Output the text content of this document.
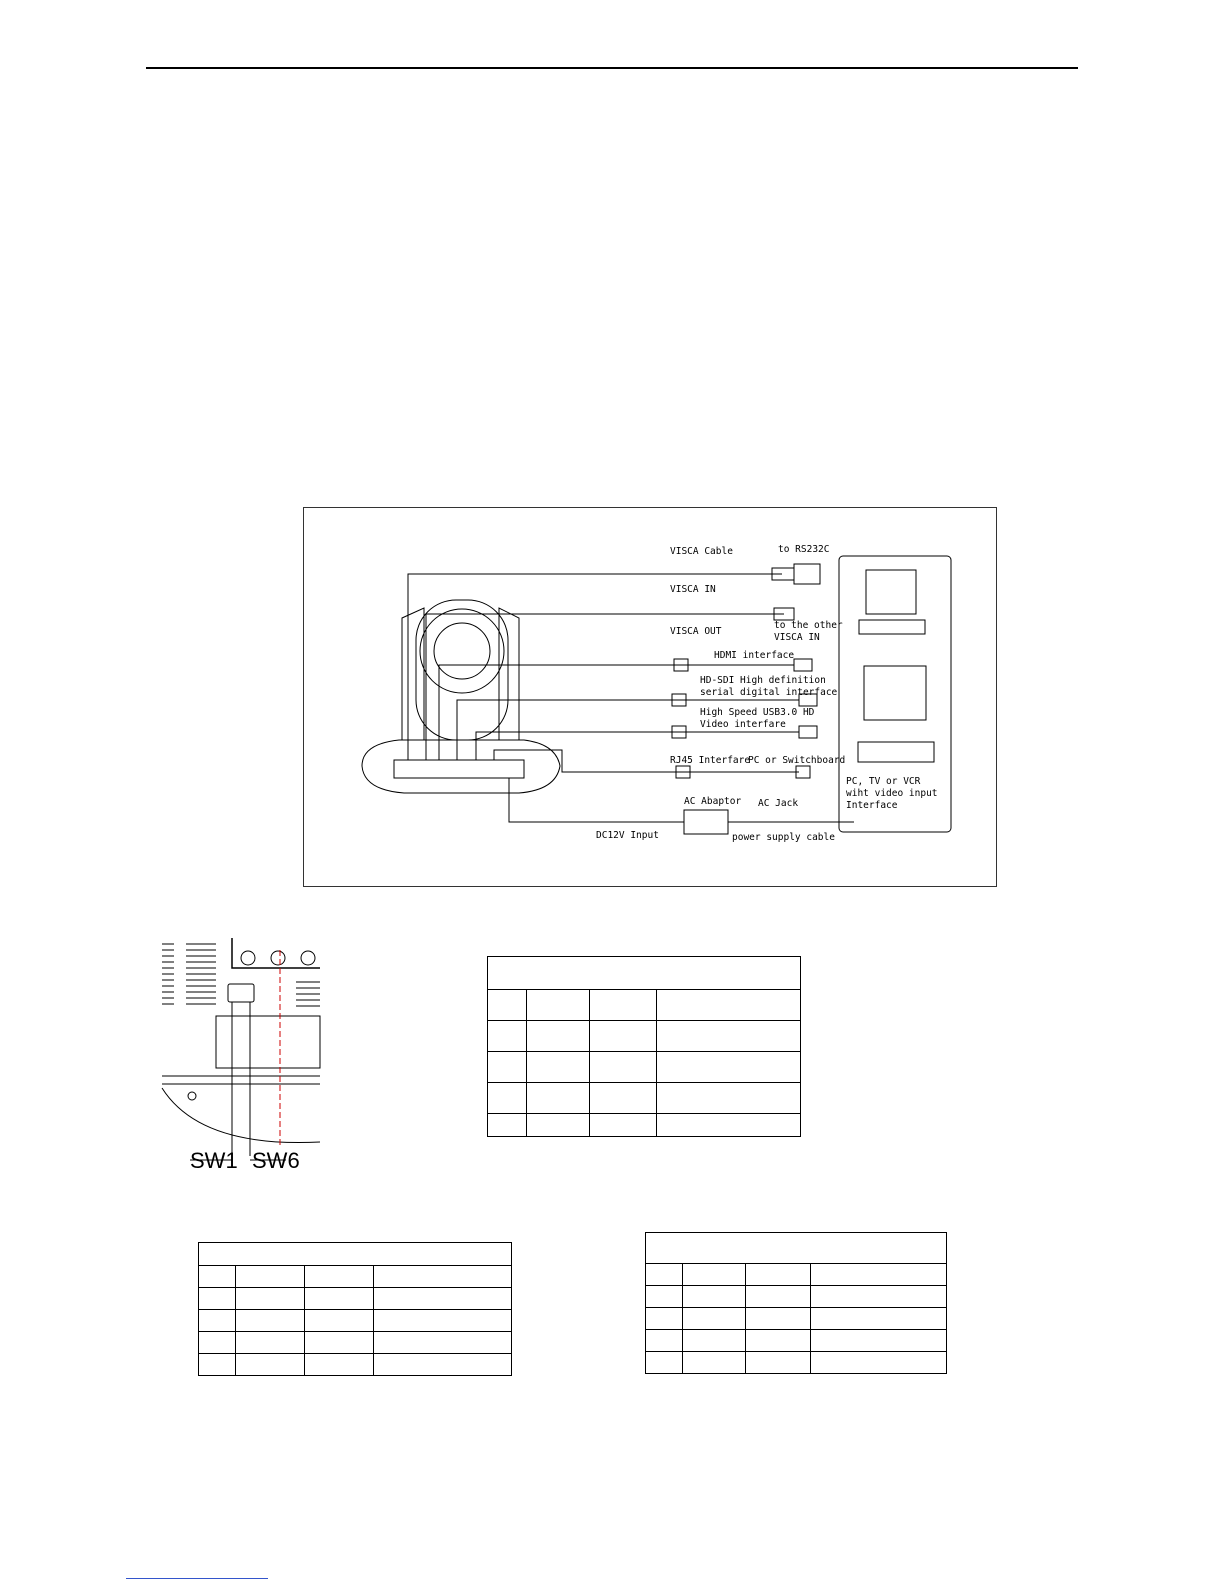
VISCA Cable	to RS232C
VISCA IN
VISCA OUT
to the other
VISCA IN
HDMI interface
HD-SDI High definition
serial digital interface
High Speed USB3.0 HD
Video interfare
RJ45 Interfare
PC or Switchboard
AC Abaptor AC Jack
DC12V Input	power supply cable
PC, TV or VCR
wiht video input
Interface
SW1 SW6
